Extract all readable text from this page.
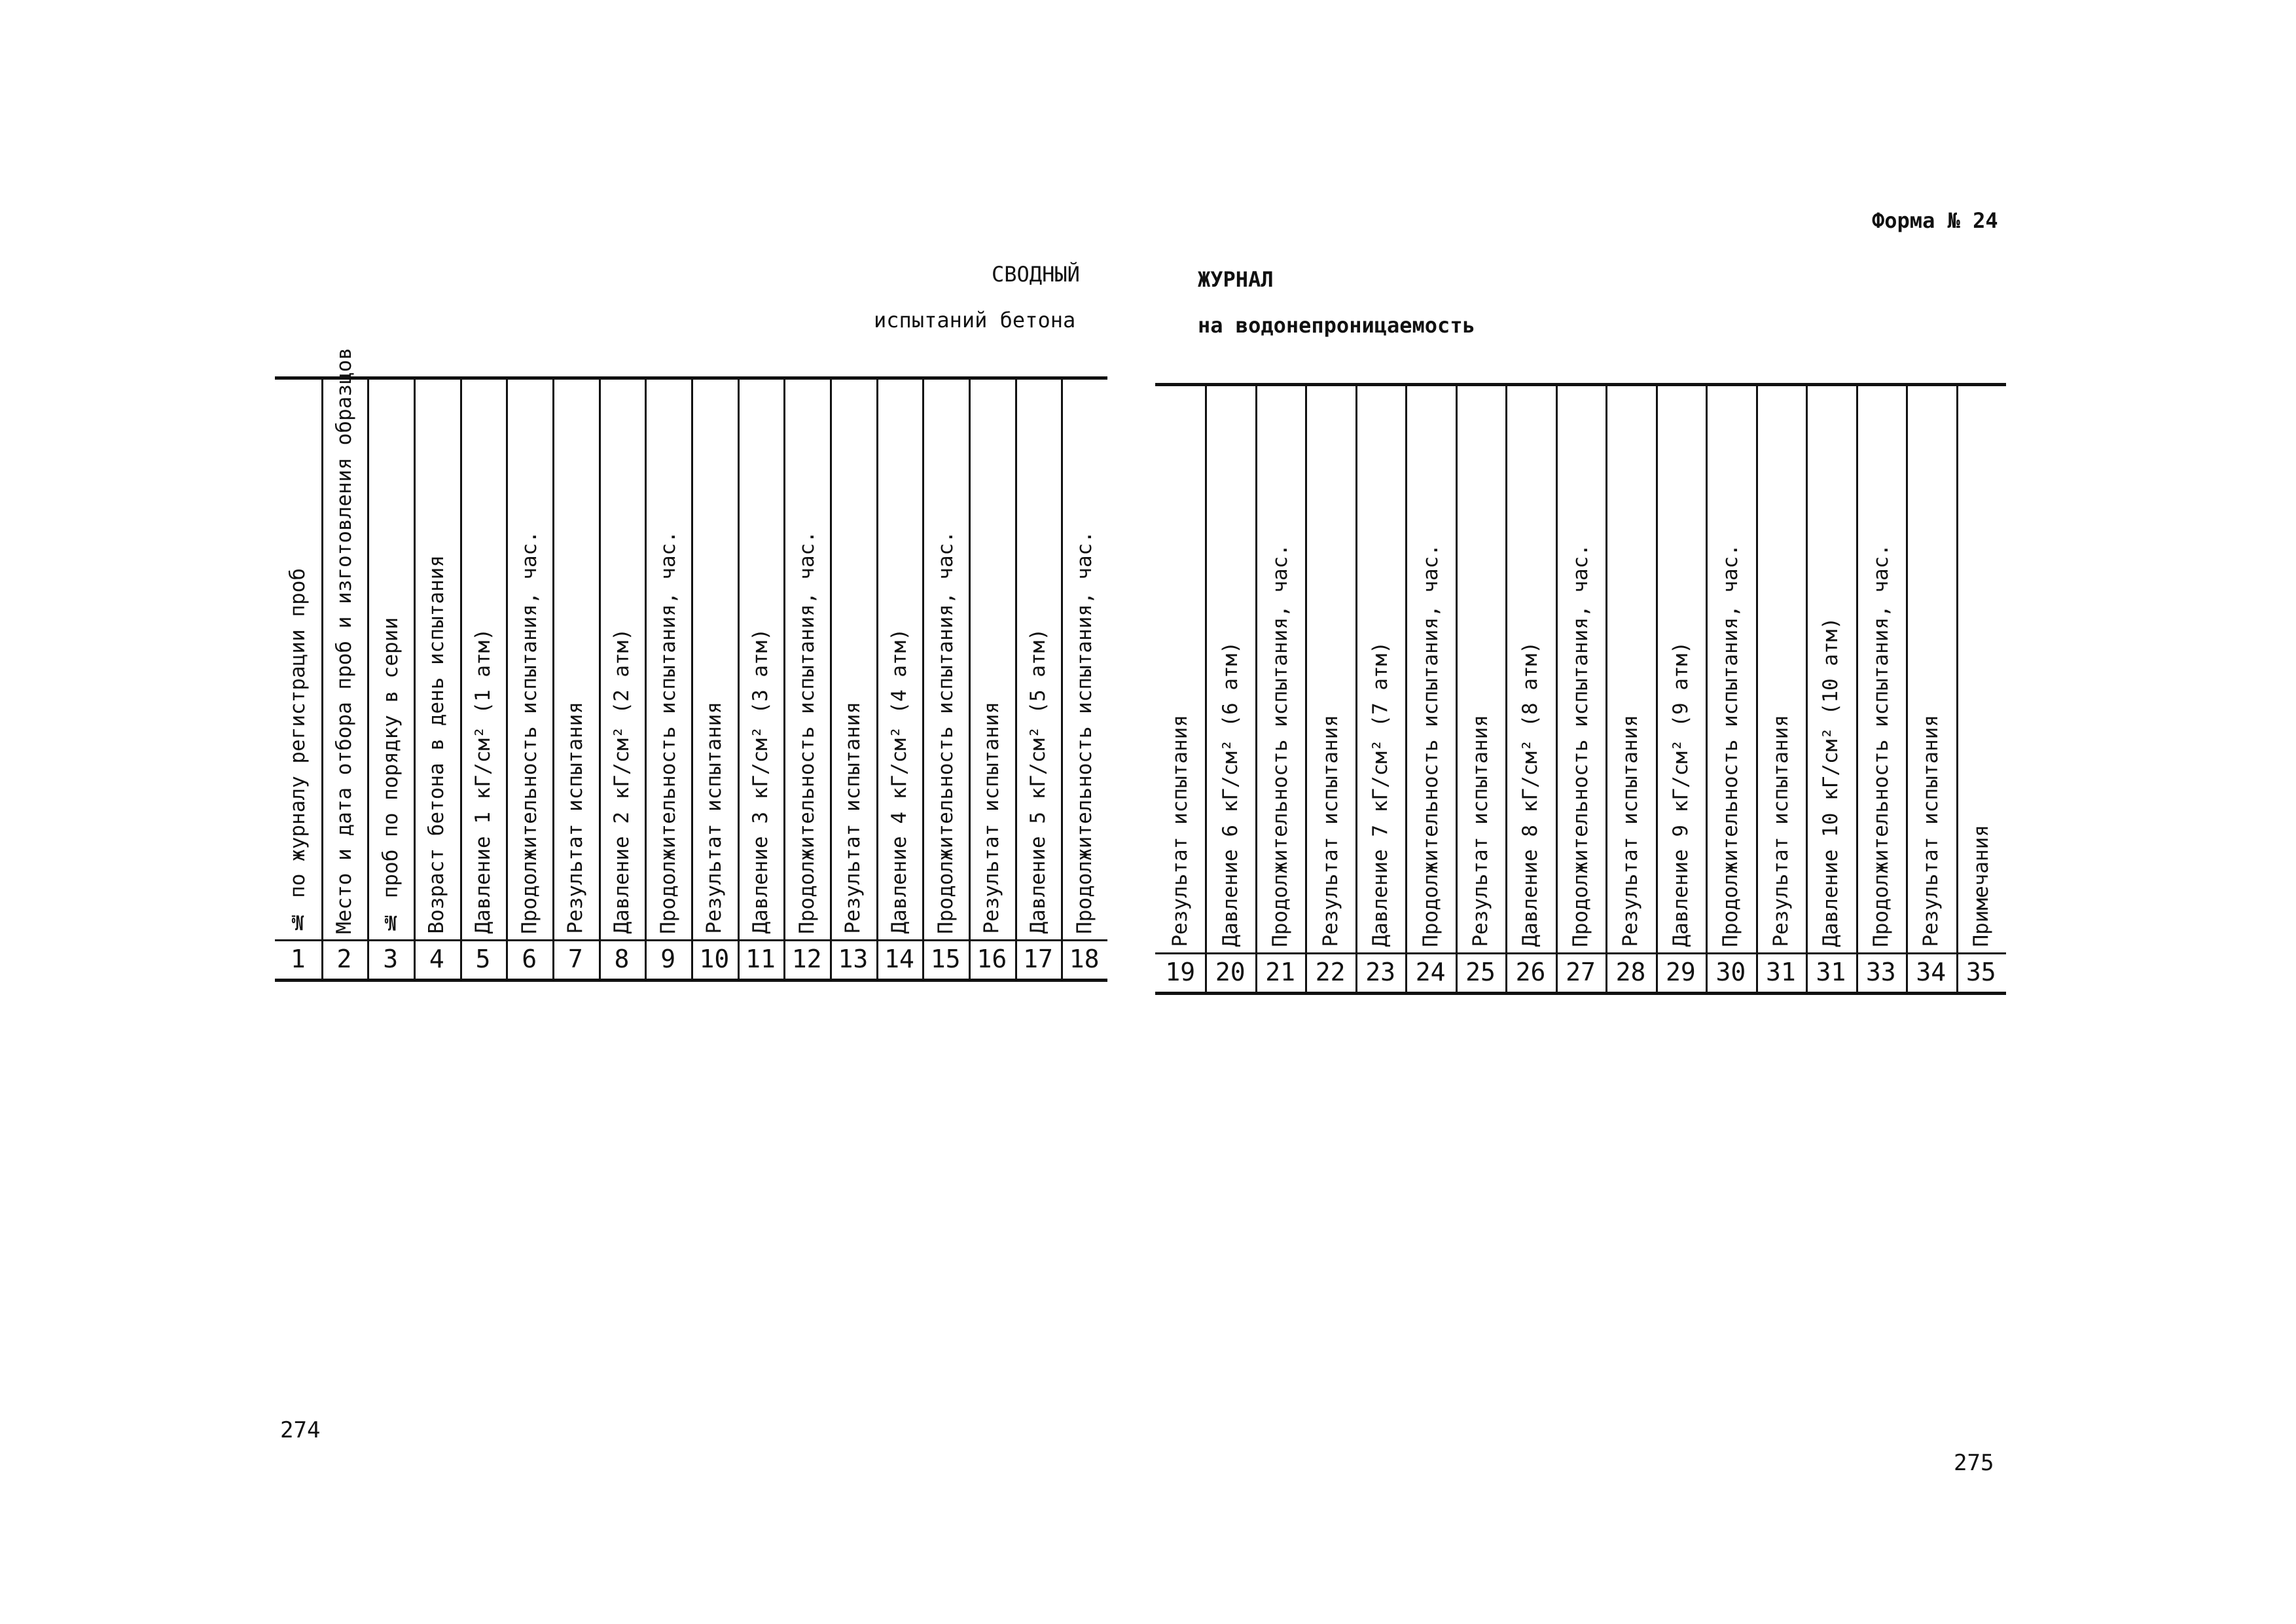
Форма № 24
СВОДНЫЙ
испытаний бетона
ЖУРНАЛ
на водонепроницаемость
№ по журналу регистрации проб
1
Место и дата отбора проб и изготовления образцов
2
№ проб по порядку в серии
3
Возраст бетона в день испытания
4
Давление 1 кГ/см² (1 атм)
5
Продолжительность испытания, час.
6
Результат испытания
7
Давление 2 кГ/см² (2 атм)
8
Продолжительность испытания, час.
9
Результат испытания
10
Давление 3 кГ/см² (3 атм)
11
Продолжительность испытания, час.
12
Результат испытания
13
Давление 4 кГ/см² (4 атм)
14
Продолжительность испытания, час.
15
Результат испытания
16
Давление 5 кГ/см² (5 атм)
17
Продолжительность испытания, час.
18
Результат испытания
19
Давление 6 кГ/см² (6 атм)
20
Продолжительность испытания, час.
21
Результат испытания
22
Давление 7 кГ/см² (7 атм)
23
Продолжительность испытания, час.
24
Результат испытания
25
Давление 8 кГ/см² (8 атм)
26
Продолжительность испытания, час.
27
Результат испытания
28
Давление 9 кГ/см² (9 атм)
29
Продолжительность испытания, час.
30
Результат испытания
31
Давление 10 кГ/см² (10 атм)
31
Продолжительность испытания, час.
33
Результат испытания
34
Примечания
35
274
275
